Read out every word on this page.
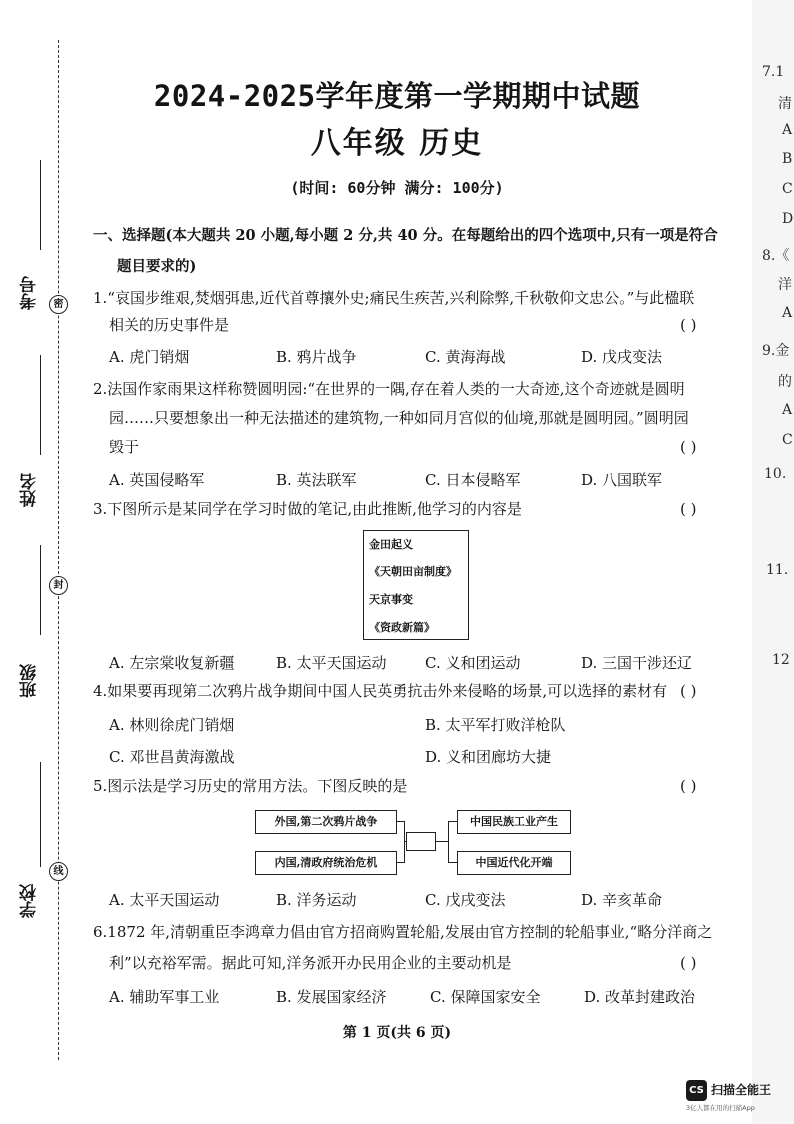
考号
姓名
班级
学校
密
封
线
2024-2025学年度第一学期期中试题
八年级 历史
(时间: 60分钟 满分: 100分)
一、选择题(本大题共 20 小题,每小题 2 分,共 40 分。在每题给出的四个选项中,只有一项是符合
题目要求的)
1.“哀国步维艰,焚烟弭患,近代首尊攘外史;痛民生疾苦,兴利除弊,千秋敬仰文忠公。”与此楹联
相关的历史事件是	( )
A. 虎门销烟	B. 鸦片战争	C. 黄海海战	D. 戊戌变法
2.法国作家雨果这样称赞圆明园:“在世界的一隅,存在着人类的一大奇迹,这个奇迹就是圆明
园……只要想象出一种无法描述的建筑物,一种如同月宫似的仙境,那就是圆明园。”圆明园
毁于	( )
A. 英国侵略军	B. 英法联军	C. 日本侵略军	D. 八国联军
3.下图所示是某同学在学习时做的笔记,由此推断,他学习的内容是	( )
金田起义
《天朝田亩制度》
天京事变
《资政新篇》
A. 左宗棠收复新疆	B. 太平天国运动	C. 义和团运动	D. 三国干涉还辽
4.如果要再现第二次鸦片战争期间中国人民英勇抗击外来侵略的场景,可以选择的素材有 ( )
A. 林则徐虎门销烟	B. 太平军打败洋枪队
C. 邓世昌黄海激战	D. 义和团廊坊大捷
5.图示法是学习历史的常用方法。下图反映的是	( )
外国,第二次鸦片战争
内国,清政府统治危机
中国民族工业产生
中国近代化开端
A. 太平天国运动	B. 洋务运动	C. 戊戌变法	D. 辛亥革命
6.1872 年,清朝重臣李鸿章力倡由官方招商购置轮船,发展由官方控制的轮船事业,“略分洋商之
利”以充裕军需。据此可知,洋务派开办民用企业的主要动机是	( )
A. 辅助军事工业	B. 发展国家经济	C. 保障国家安全	D. 改革封建政治
第 1 页(共 6 页)
7.1
清
A
B
C
D
8.《
洋
A
9.金
的
A
C
10.
11.
12
CS 扫描全能王
3亿人都在用的扫描App
